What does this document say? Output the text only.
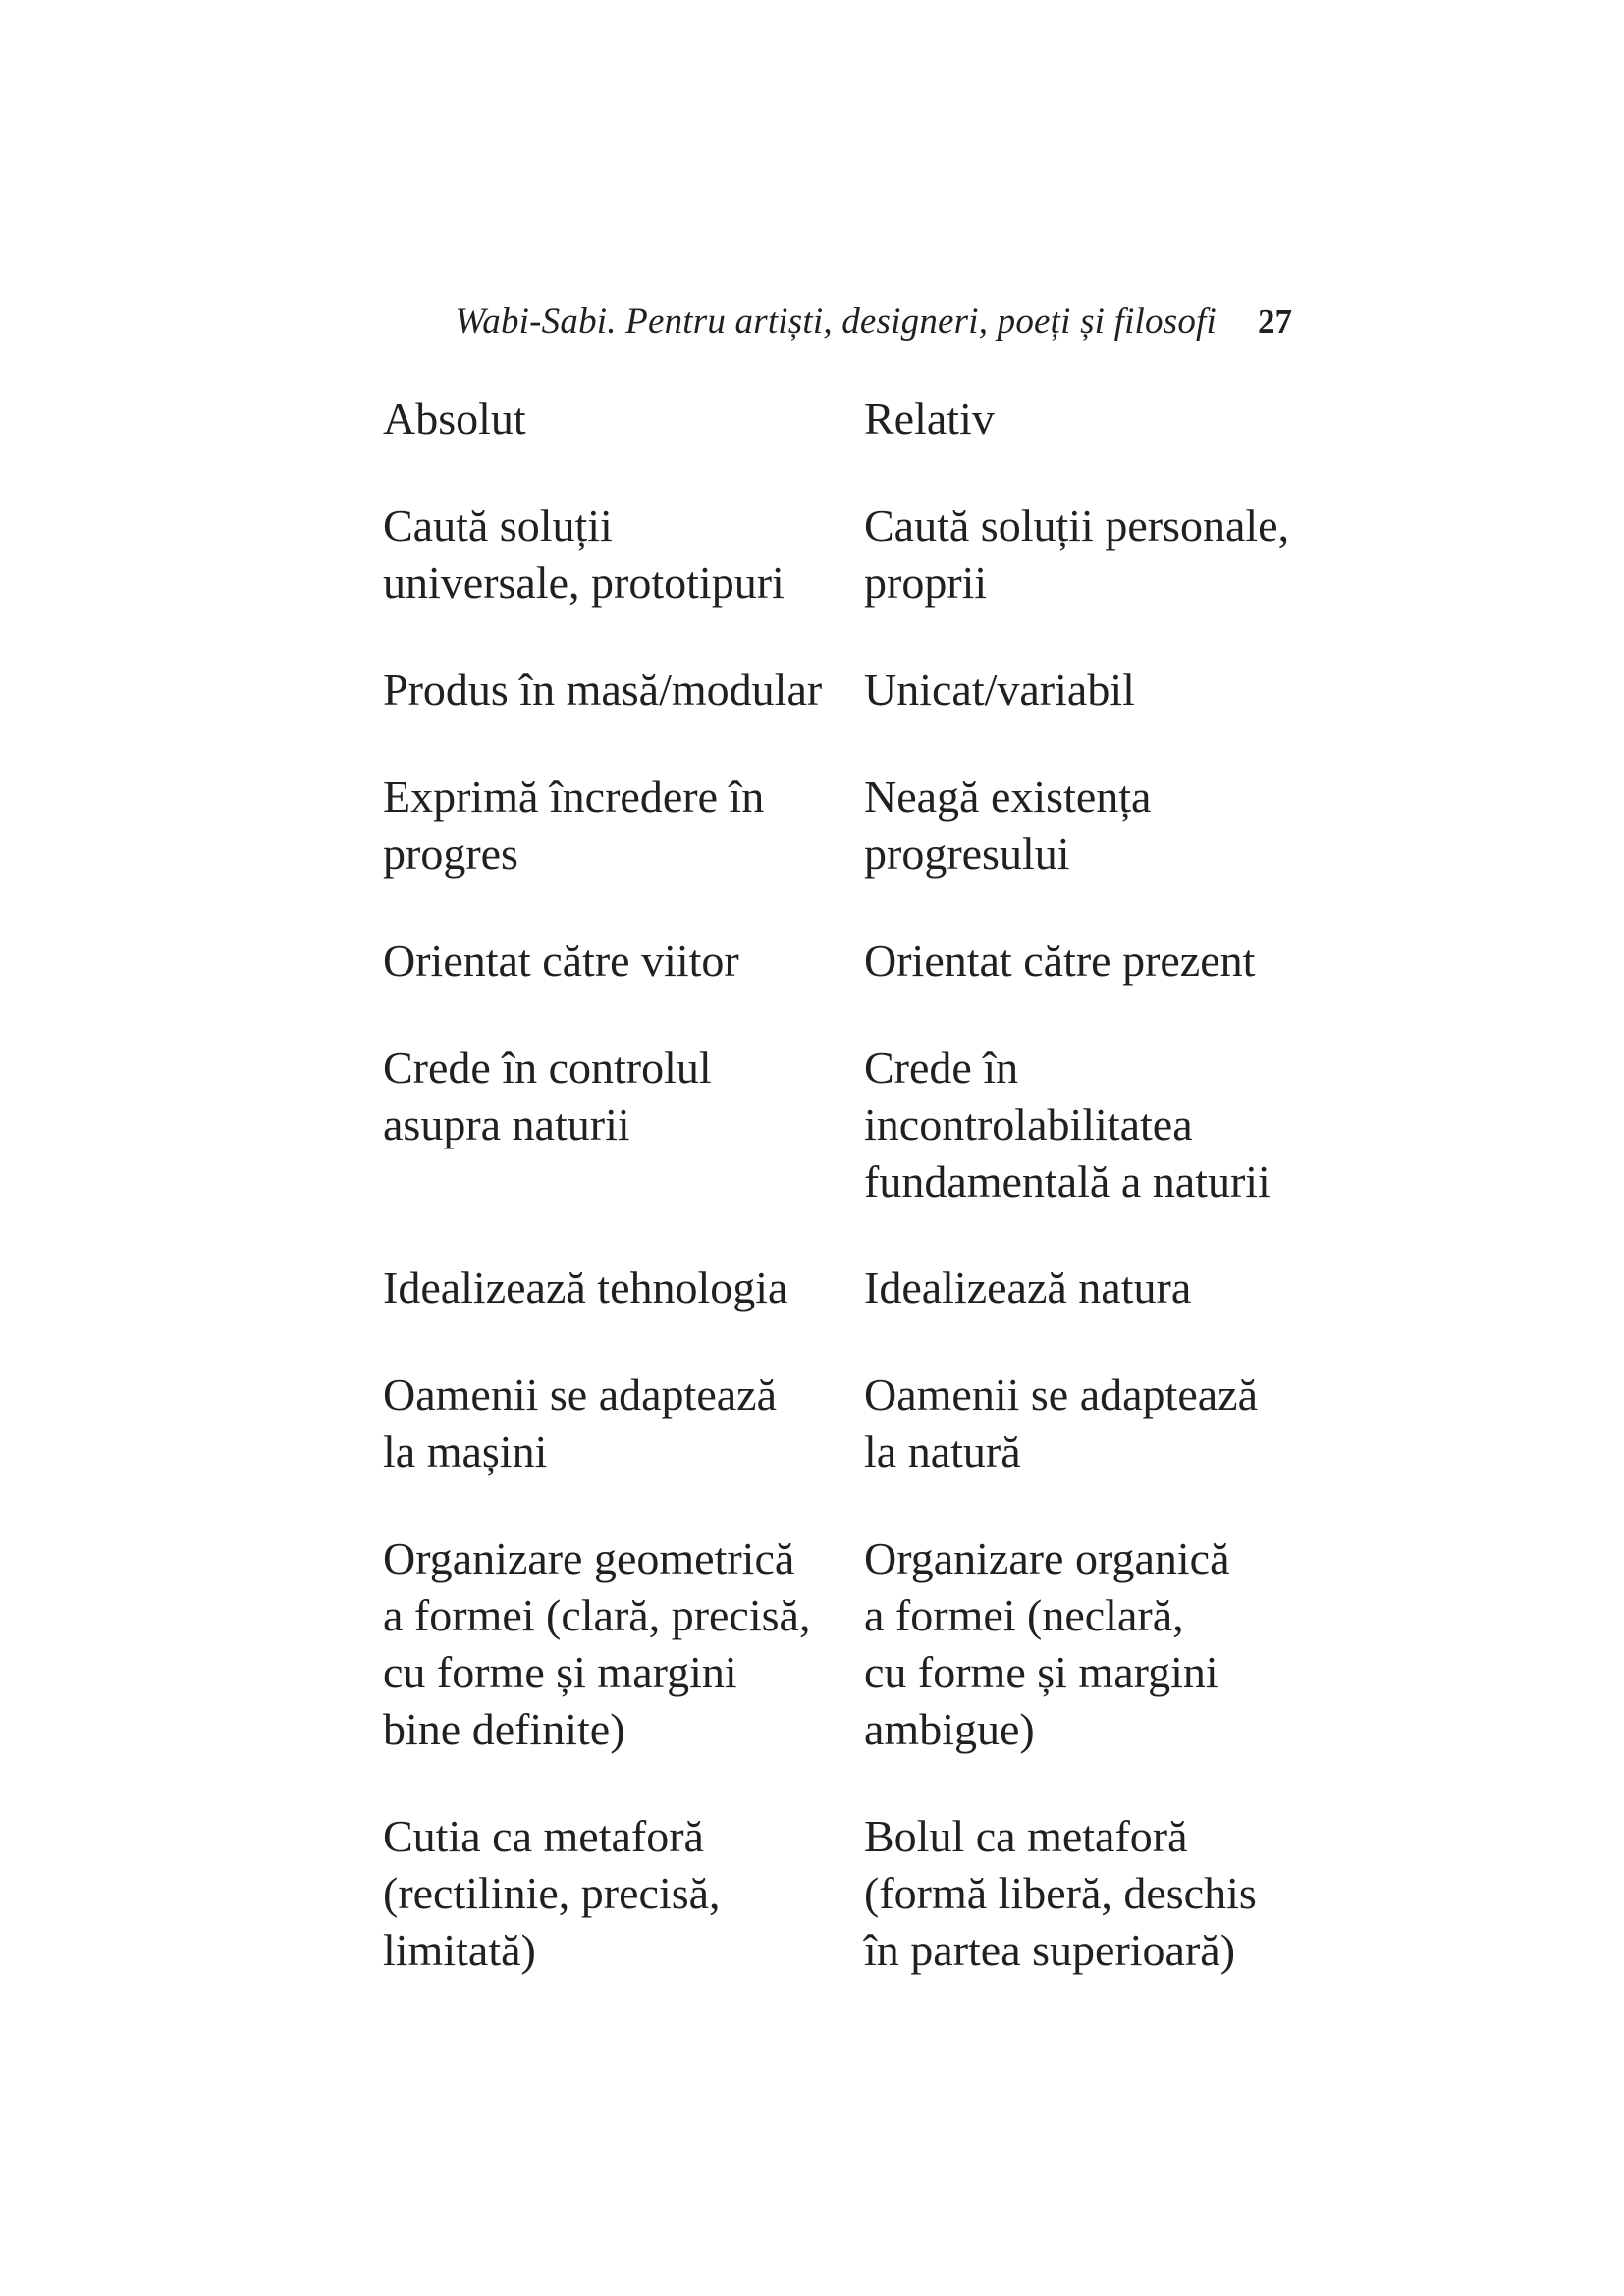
Wabi-Sabi. Pentru artiști, designeri, poeți și filosofi 27

Absolut	Relativ

Caută soluții
universale, prototipuri

Caută soluții personale,
proprii

Produs în masă/modular Unicat/variabil

Exprimă încredere în
progres

Neagă existența
progresului

Orientat către viitor	Orientat către prezent

Crede în controlul
asupra naturii

Crede în
incontrolabilitatea
fundamentală a naturii

Idealizează tehnologia Idealizează natura

Oamenii se adaptează
la mașini

Oamenii se adaptează
la natură

Organizare geometrică
a formei (clară, precisă,
cu forme și margini
bine definite)

Organizare organică
a formei (neclară,
cu forme și margini
ambigue)

Cutia ca metaforă
(rectilinie, precisă,
limitată)

Bolul ca metaforă
(formă liberă, deschis
în partea superioară)
